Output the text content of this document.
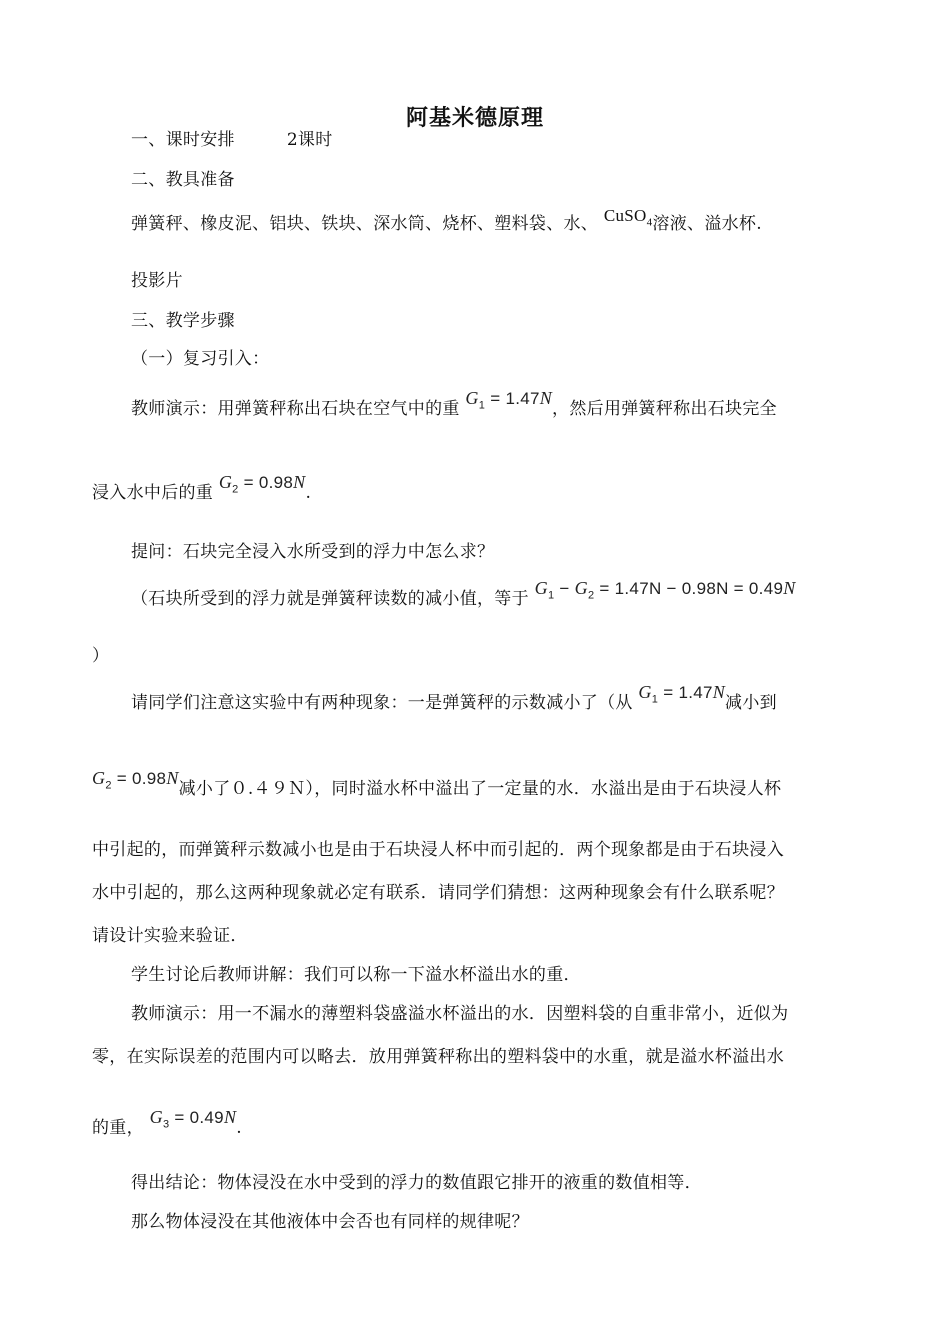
阿基米德原理
一、课时安排	2课时
二、教具准备
弹簧秤、橡皮泥、铝块、铁块、深水筒、烧杯、塑料袋、水、 CuSO$_4$溶液、溢水杯.
投影片
三、教学步骤
（一）复习引入：
教师演示：用弹簧秤称出石块在空气中的重 $G_1 = 1.47N$，然后用弹簧秤称出石块完全
浸入水中后的重 $G_2 = 0.98N$.
提问：石块完全浸入水所受到的浮力中怎么求？
（石块所受到的浮力就是弹簧秤读数的减小值，等于 $G_1 - G_2 = 1.47N - 0.98N = 0.49N$
）
请同学们注意这实验中有两种现象：一是弹簧秤的示数减小了（从 $G_1 = 1.47N$减小到
$G_2 = 0.98N$减小了０.４９Ｎ），同时溢水杯中溢出了一定量的水．水溢出是由于石块浸人杯
中引起的，而弹簧秤示数减小也是由于石块浸人杯中而引起的．两个现象都是由于石块浸入
水中引起的，那么这两种现象就必定有联系．请同学们猜想：这两种现象会有什么联系呢？
请设计实验来验证．
学生讨论后教师讲解：我们可以称一下溢水杯溢出水的重．
教师演示：用一不漏水的薄塑料袋盛溢水杯溢出的水．因塑料袋的自重非常小，近似为
零，在实际误差的范围内可以略去．放用弹簧秤称出的塑料袋中的水重，就是溢水杯溢出水
的重， $G_3 = 0.49N$.
得出结论：物体浸没在水中受到的浮力的数值跟它排开的液重的数值相等．
那么物体浸没在其他液体中会否也有同样的规律呢？
